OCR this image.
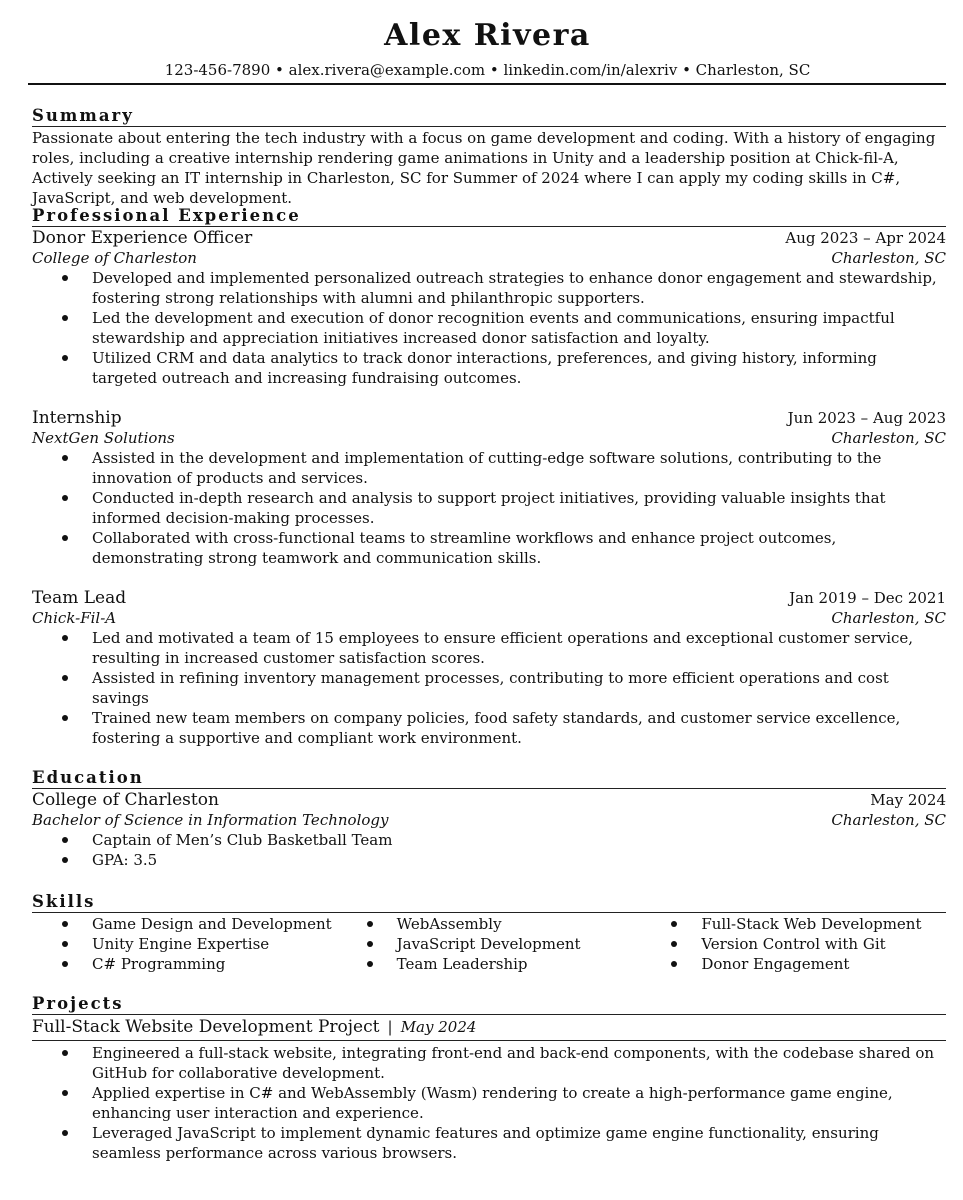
Alex Rivera
123-456-7890 • alex.rivera@example.com • linkedin.com/in/alexriv • Charleston, SC
Summary
Passionate about entering the tech industry with a focus on game development and coding. With a history of engaging roles, including a creative internship rendering game animations in Unity and a leadership position at Chick-fil-A, Actively seeking an IT internship in Charleston, SC for Summer of 2024 where I can apply my coding skills in C#, JavaScript, and web development.
Professional Experience
Donor Experience Officer	Aug 2023 – Apr 2024
College of Charleston	Charleston, SC
Developed and implemented personalized outreach strategies to enhance donor engagement and stewardship, fostering strong relationships with alumni and philanthropic supporters.
Led the development and execution of donor recognition events and communications, ensuring impactful stewardship and appreciation initiatives increased donor satisfaction and loyalty.
Utilized CRM and data analytics to track donor interactions, preferences, and giving history, informing targeted outreach and increasing fundraising outcomes.
Internship	Jun 2023 – Aug 2023
NextGen Solutions	Charleston, SC
Assisted in the development and implementation of cutting-edge software solutions, contributing to the innovation of products and services.
Conducted in-depth research and analysis to support project initiatives, providing valuable insights that informed decision-making processes.
Collaborated with cross-functional teams to streamline workflows and enhance project outcomes, demonstrating strong teamwork and communication skills.
Team Lead	Jan 2019 – Dec 2021
Chick-Fil-A	Charleston, SC
Led and motivated a team of 15 employees to ensure efficient operations and exceptional customer service, resulting in increased customer satisfaction scores.
Assisted in refining inventory management processes, contributing to more efficient operations and cost savings
Trained new team members on company policies, food safety standards, and customer service excellence, fostering a supportive and compliant work environment.
Education
College of Charleston	May 2024
Bachelor of Science in Information Technology	Charleston, SC
Captain of Men’s Club Basketball Team
GPA: 3.5
Skills
Game Design and Development
Unity Engine Expertise
C# Programming
WebAssembly
JavaScript Development
Team Leadership
Full-Stack Web Development
Version Control with Git
Donor Engagement
Projects
Full-Stack Website Development Project | May 2024
Engineered a full-stack website, integrating front-end and back-end components, with the codebase shared on GitHub for collaborative development.
Applied expertise in C# and WebAssembly (Wasm) rendering to create a high-performance game engine, enhancing user interaction and experience.
Leveraged JavaScript to implement dynamic features and optimize game engine functionality, ensuring seamless performance across various browsers.
